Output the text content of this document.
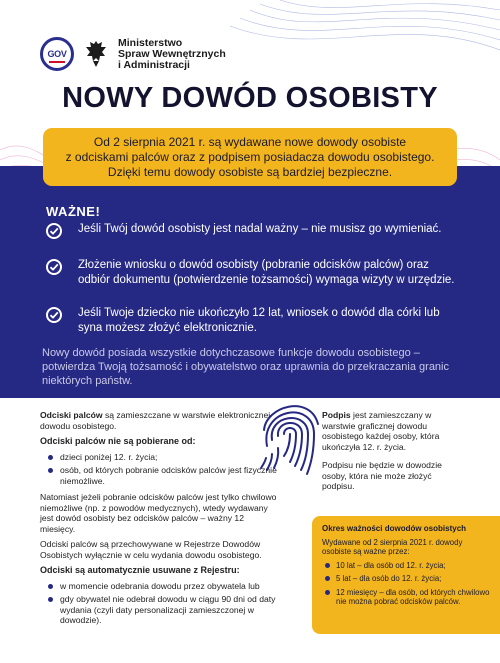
GOV
Ministerstwo
Spraw Wewnętrznych
i Administracji
NOWY DOWÓD OSOBISTY

Od 2 sierpnia 2021 r. są wydawane nowe dowody osobiste
z odciskami palców oraz z podpisem posiadacza dowodu osobistego.
Dzięki temu dowody osobiste są bardziej bezpieczne.

WAŻNE!

Jeśli Twój dowód osobisty jest nadal ważny – nie musisz go wymieniać.

Złożenie wniosku o dowód osobisty (pobranie odcisków palców) oraz odbiór dokumentu (potwierdzenie tożsamości) wymaga wizyty w urzędzie.

Jeśli Twoje dziecko nie ukończyło 12 lat, wniosek o dowód dla córki lub syna możesz złożyć elektronicznie.

Nowy dowód posiada wszystkie dotychczasowe funkcje dowodu osobistego – potwierdza Twoją tożsamość i obywatelstwo oraz uprawnia do przekraczania granic niektórych państw.

Odciski palców są zamieszczane w warstwie elektronicznej dowodu osobistego.

Odciski palców nie są pobierane od:

dzieci poniżej 12. r. życia;
osób, od których pobranie odcisków palców jest fizycznie niemożliwe.

Natomiast jeżeli pobranie odcisków palców jest tylko chwilowo niemożliwe (np. z powodów medycznych), wtedy wydawany jest dowód osobisty bez odcisków palców – ważny 12 miesięcy.

Odciski palców są przechowywane w Rejestrze Dowodów Osobistych wyłącznie w celu wydania dowodu osobistego.

Odciski są automatycznie usuwane z Rejestru:

w momencie odebrania dowodu przez obywatela lub
gdy obywatel nie odebrał dowodu w ciągu 90 dni od daty wydania (czyli daty personalizacji zamieszczonej w dowodzie).

Podpis jest zamieszczany w warstwie graficznej dowodu osobistego każdej osoby, która ukończyła 12. r. życia.

Podpisu nie będzie w dowodzie osoby, która nie może złożyć podpisu.

Okres ważności dowodów osobistych
Wydawane od 2 sierpnia 2021 r. dowody osobiste są ważne przez:
10 lat – dla osób od 12. r. życia;
5 lat – dla osób do 12. r. życia;
12 miesięcy – dla osób, od których chwilowo nie można pobrać odcisków palców.
